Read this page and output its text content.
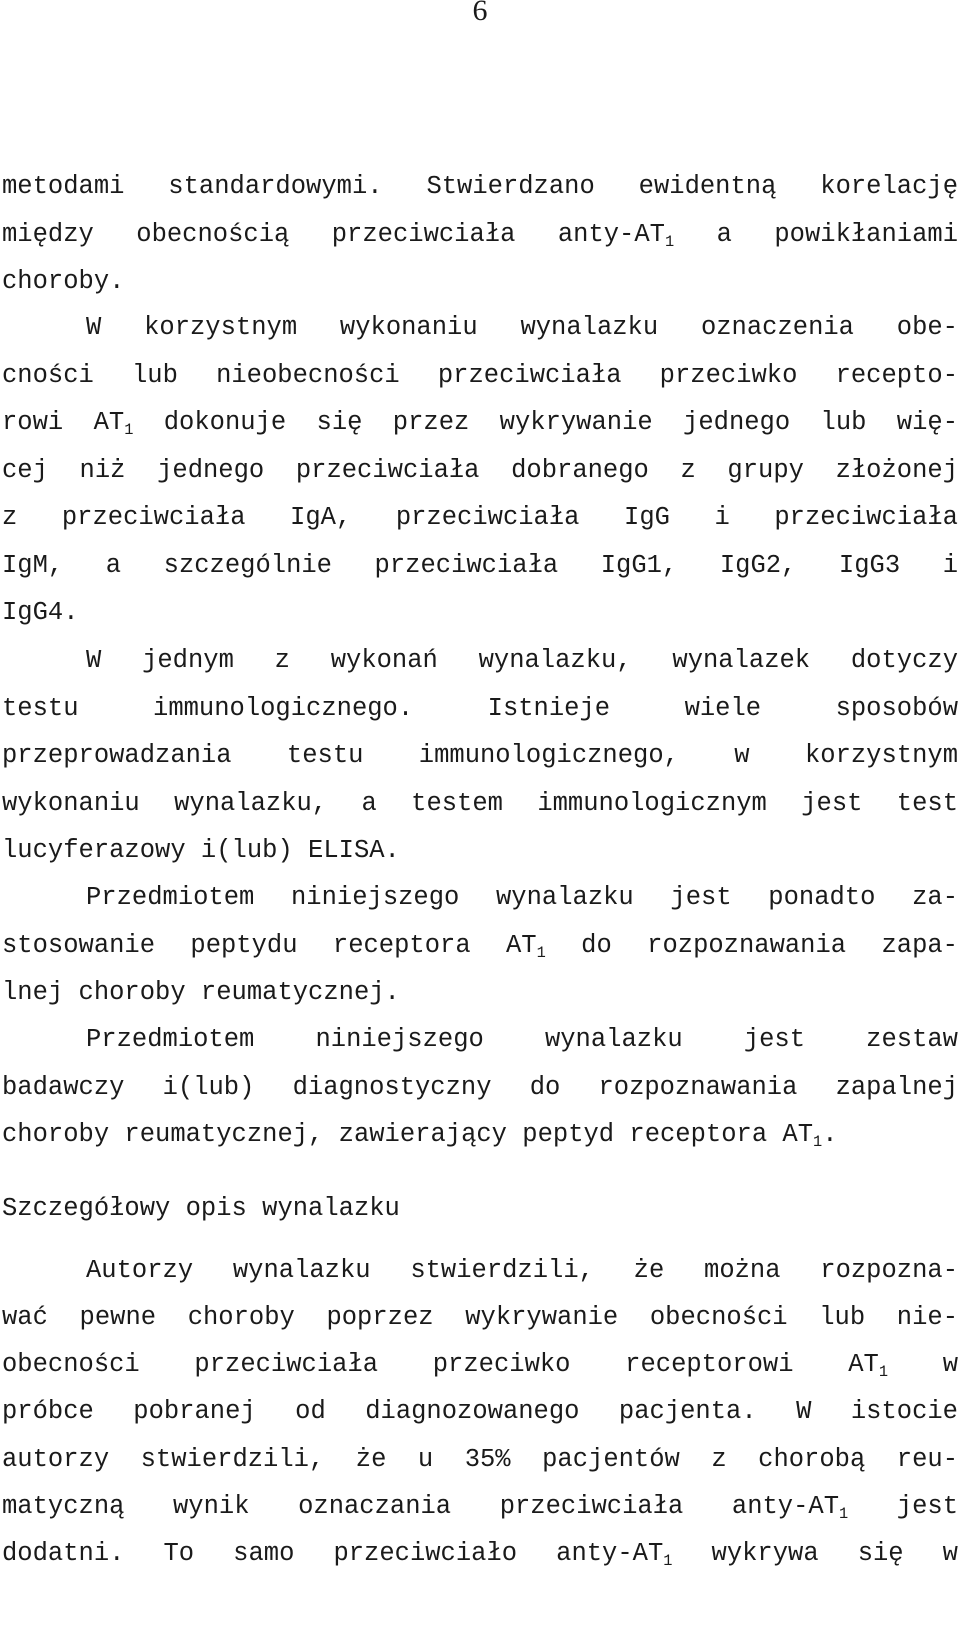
6
metodami standardowymi. Stwierdzano ewidentną korelację
między obecnością przeciwciała anty-$AT_1$ a powikłaniami
choroby.
W korzystnym wykonaniu wynalazku oznaczenia obe-
cności lub nieobecności przeciwciała przeciwko recepto-
rowi $AT_1$ dokonuje się przez wykrywanie jednego lub wię-
cej niż jednego przeciwciała dobranego z grupy złożonej
z przeciwciała IgA, przeciwciała IgG i przeciwciała
IgM, a szczególnie przeciwciała IgG1, IgG2, IgG3 i
IgG4.
W jednym z wykonań wynalazku, wynalazek dotyczy
testu immunologicznego. Istnieje wiele sposobów
przeprowadzania testu immunologicznego, w korzystnym
wykonaniu wynalazku, a testem immunologicznym jest test
lucyferazowy i(lub) ELISA.
Przedmiotem niniejszego wynalazku jest ponadto za-
stosowanie peptydu receptora $AT_1$ do rozpoznawania zapa-
lnej choroby reumatycznej.
Przedmiotem niniejszego wynalazku jest zestaw
badawczy i(lub) diagnostyczny do rozpoznawania zapalnej
choroby reumatycznej, zawierający peptyd receptora $AT_1$.
Szczegółowy opis wynalazku
Autorzy wynalazku stwierdzili, że można rozpozna-
wać pewne choroby poprzez wykrywanie obecności lub nie-
obecności przeciwciała przeciwko receptorowi $AT_1$ w
próbce pobranej od diagnozowanego pacjenta. W istocie
autorzy stwierdzili, że u 35% pacjentów z chorobą reu-
matyczną wynik oznaczania przeciwciała anty-$AT_1$ jest
dodatni. To samo przeciwciało anty-$AT_1$ wykrywa się w
